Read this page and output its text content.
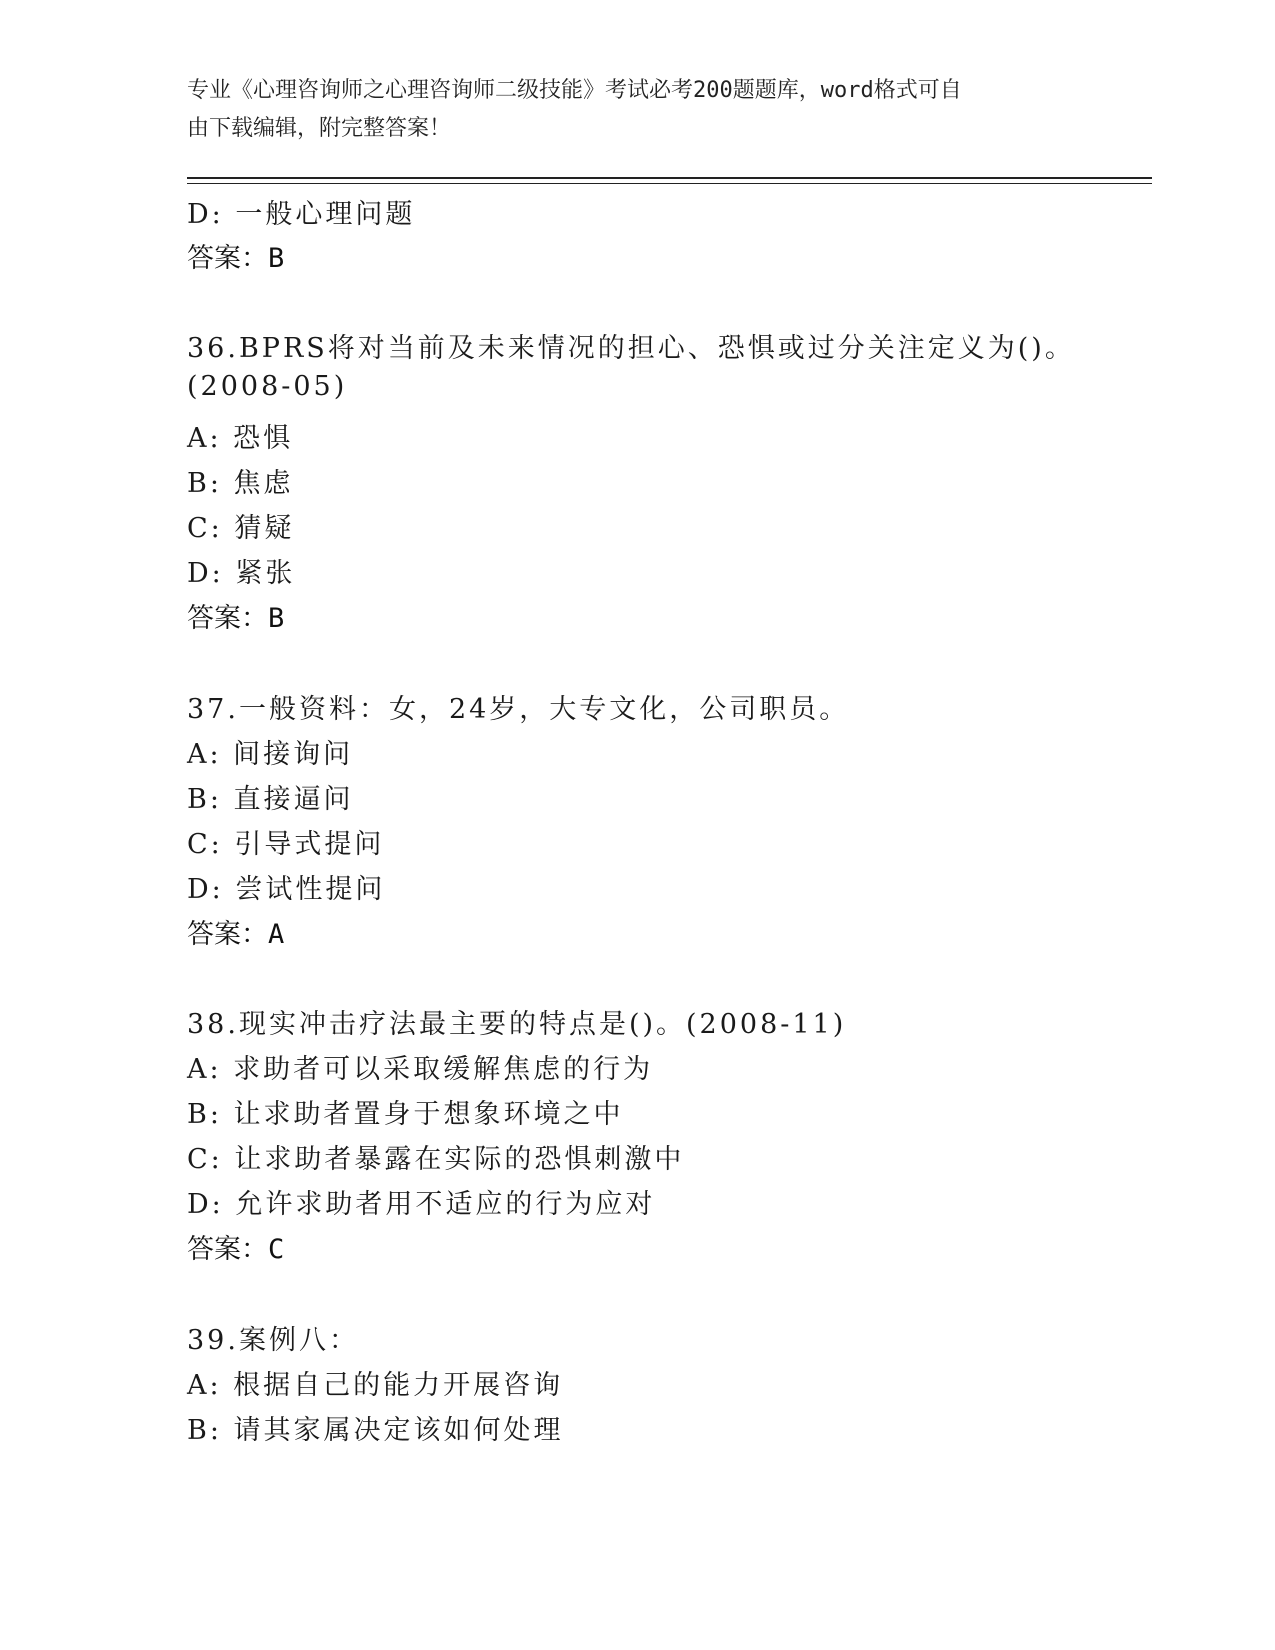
专业《心理咨询师之心理咨询师二级技能》考试必考200题题库，word格式可自
由下载编辑，附完整答案！
D: 一般心理问题
答案：B
36.BPRS将对当前及未来情况的担心、恐惧或过分关注定义为()。
(2008-05)
A: 恐惧
B: 焦虑
C: 猜疑
D: 紧张
答案：B
37.一般资料：女，24岁，大专文化，公司职员。
A: 间接询问
B: 直接逼问
C: 引导式提问
D: 尝试性提问
答案：A
38.现实冲击疗法最主要的特点是()。(2008-11)
A: 求助者可以采取缓解焦虑的行为
B: 让求助者置身于想象环境之中
C: 让求助者暴露在实际的恐惧刺激中
D: 允许求助者用不适应的行为应对
答案：C
39.案例八：
A: 根据自己的能力开展咨询
B: 请其家属决定该如何处理
